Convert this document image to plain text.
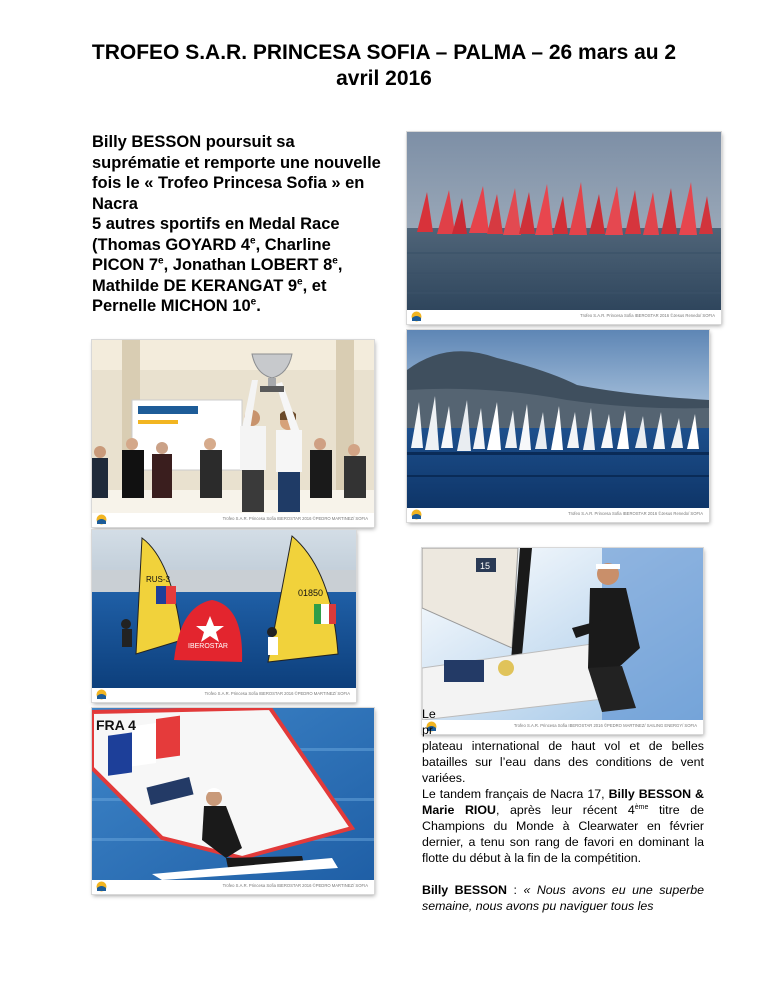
TROFEO S.A.R. PRINCESA SOFIA – PALMA – 26 mars au 2 avril 2016
Billy BESSON poursuit sa suprématie et remporte une nouvelle fois le « Trofeo Princesa Sofia » en Nacra
5 autres sportifs en Medal Race (Thomas GOYARD 4e, Charline PICON 7e, Jonathan LOBERT 8e, Mathilde DE KERANGAT 9e, et Pernelle MICHON 10e.
Trofeo S.A.R. Princesa Sofia IBEROSTAR 2016 ©Jesus Renedo/ SOFIA
Trofeo S.A.R. Princesa Sofia IBEROSTAR 2016 ©Jesus Renedo/ SOFIA
Trofeo S.A.R. Princesa Sofia IBEROSTAR 2016 ©PEDRO MARTINEZ/ SOFIA
RUS-3
01850
IBEROSTAR
Trofeo S.A.R. Princesa Sofia IBEROSTAR 2016 ©PEDRO MARTINEZ/ SOFIA
15
Trofeo S.A.R. Princesa Sofia IBEROSTAR 2016 ©PEDRO MARTINEZ/ SAILING ENERGY/ SOFIA
FRA 4
Trofeo S.A.R. Princesa Sofia IBEROSTAR 2016 ©PEDRO MARTINEZ/ SOFIA

Le

pr

plateau international de haut vol et de belles batailles sur l’eau dans des conditions de vent variées.

Le tandem français de Nacra 17, Billy BESSON & Marie RIOU, après leur récent 4ème titre de Champions du Monde à Clearwater en février dernier, a tenu son rang de favori en dominant la flotte du début à la fin de la compétition.

Billy BESSON : « Nous avons eu une superbe semaine, nous avons pu naviguer tous les
